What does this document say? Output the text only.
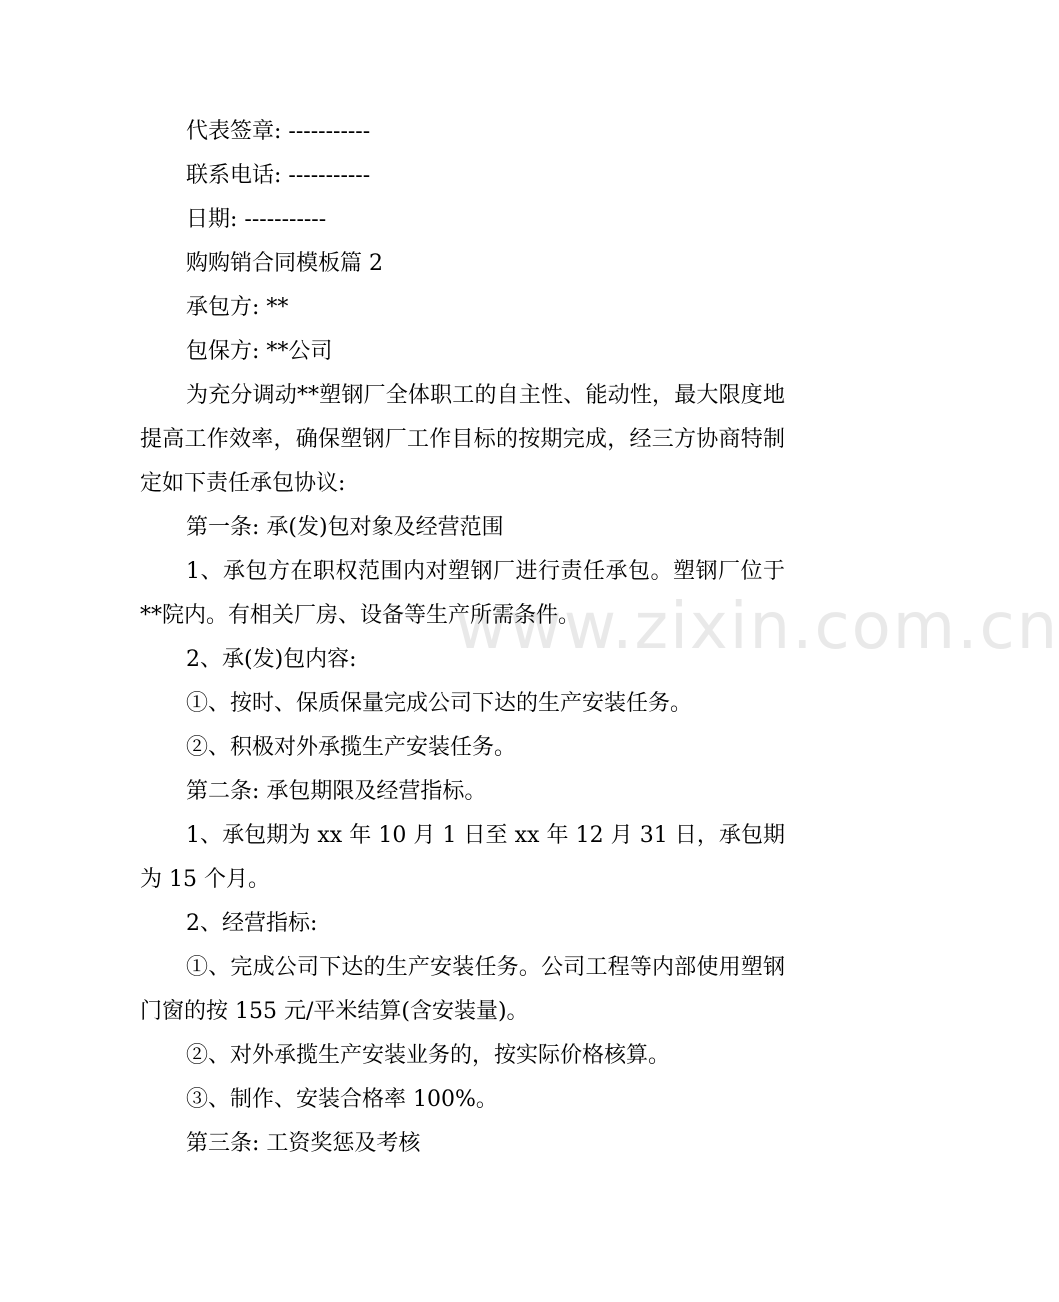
www.zixin.com.cn

代表签章: -----------

联系电话: -----------

日期: -----------

购购销合同模板篇 2

承包方: **

包保方: **公司

为充分调动**塑钢厂全体职工的自主性、能动性，最大限度地提高工作效率，确保塑钢厂工作目标的按期完成，经三方协商特制定如下责任承包协议:

第一条: 承(发)包对象及经营范围

1、承包方在职权范围内对塑钢厂进行责任承包。塑钢厂位于**院内。有相关厂房、设备等生产所需条件。

2、承(发)包内容:

①、按时、保质保量完成公司下达的生产安装任务。

②、积极对外承揽生产安装任务。

第二条: 承包期限及经营指标。

1、承包期为 xx 年 10 月 1 日至 xx 年 12 月 31 日，承包期为 15 个月。

2、经营指标:

①、完成公司下达的生产安装任务。公司工程等内部使用塑钢门窗的按 155 元/平米结算(含安装量)。

②、对外承揽生产安装业务的，按实际价格核算。

③、制作、安装合格率 100%。

第三条: 工资奖惩及考核
